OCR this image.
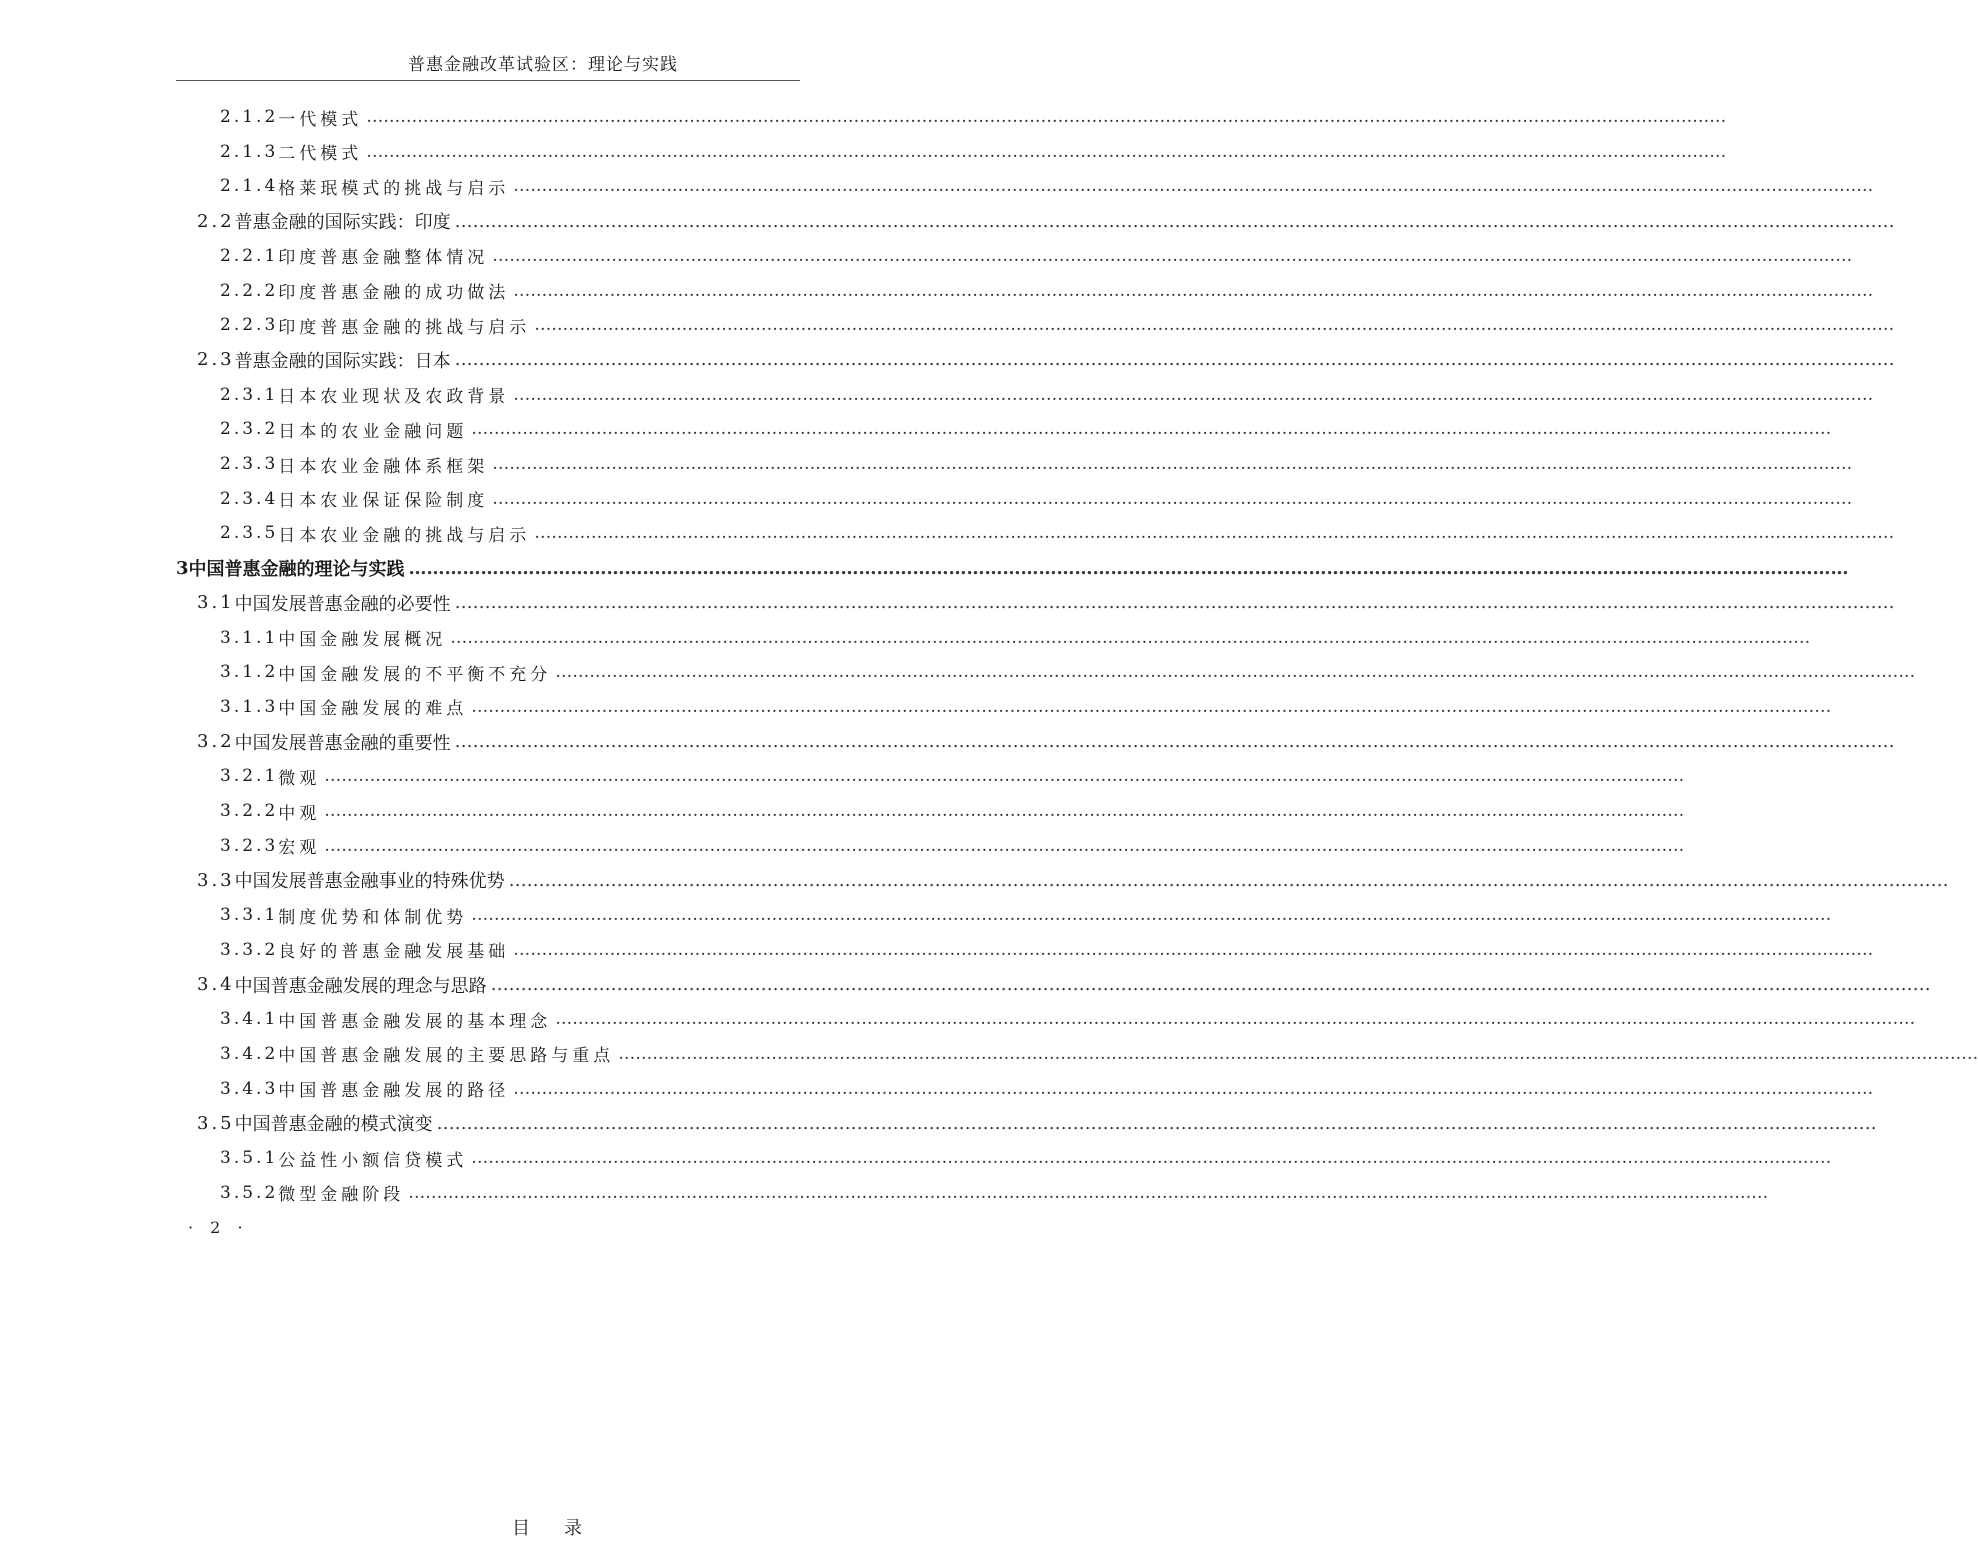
普惠金融改革试验区：理论与实践
2.1.2 一代模式 ……………………………………………………………………………………………………………………………………………………………………………………………………………………
2.1.3 二代模式 ……………………………………………………………………………………………………………………………………………………………………………………………………………………
2.1.4 格莱珉模式的挑战与启示 ……………………………………………………………………………………………………………………………………………………………………………………………………………………
2.2 普惠金融的国际实践：印度 ……………………………………………………………………………………………………………………………………………………………………………………………………………………
2.2.1 印度普惠金融整体情况 ……………………………………………………………………………………………………………………………………………………………………………………………………………………
2.2.2 印度普惠金融的成功做法 ……………………………………………………………………………………………………………………………………………………………………………………………………………………
2.2.3 印度普惠金融的挑战与启示 ……………………………………………………………………………………………………………………………………………………………………………………………………………………
2.3 普惠金融的国际实践：日本 ……………………………………………………………………………………………………………………………………………………………………………………………………………………
2.3.1 日本农业现状及农政背景 ……………………………………………………………………………………………………………………………………………………………………………………………………………………
2.3.2 日本的农业金融问题 ……………………………………………………………………………………………………………………………………………………………………………………………………………………
2.3.3 日本农业金融体系框架 ……………………………………………………………………………………………………………………………………………………………………………………………………………………
2.3.4 日本农业保证保险制度 ……………………………………………………………………………………………………………………………………………………………………………………………………………………
2.3.5 日本农业金融的挑战与启示 ……………………………………………………………………………………………………………………………………………………………………………………………………………………
3 中国普惠金融的理论与实践 ……………………………………………………………………………………………………………………………………………………………………………………………………………………
3.1 中国发展普惠金融的必要性 ……………………………………………………………………………………………………………………………………………………………………………………………………………………
3.1.1 中国金融发展概况 ……………………………………………………………………………………………………………………………………………………………………………………………………………………
3.1.2 中国金融发展的不平衡不充分 ……………………………………………………………………………………………………………………………………………………………………………………………………………………
3.1.3 中国金融发展的难点 ……………………………………………………………………………………………………………………………………………………………………………………………………………………
3.2 中国发展普惠金融的重要性 ……………………………………………………………………………………………………………………………………………………………………………………………………………………
3.2.1 微观 ……………………………………………………………………………………………………………………………………………………………………………………………………………………
3.2.2 中观 ……………………………………………………………………………………………………………………………………………………………………………………………………………………
3.2.3 宏观 ……………………………………………………………………………………………………………………………………………………………………………………………………………………
3.3 中国发展普惠金融事业的特殊优势 ……………………………………………………………………………………………………………………………………………………………………………………………………………………
3.3.1 制度优势和体制优势 ……………………………………………………………………………………………………………………………………………………………………………………………………………………
3.3.2 良好的普惠金融发展基础 ……………………………………………………………………………………………………………………………………………………………………………………………………………………
3.4 中国普惠金融发展的理念与思路 ……………………………………………………………………………………………………………………………………………………………………………………………………………………
3.4.1 中国普惠金融发展的基本理念 ……………………………………………………………………………………………………………………………………………………………………………………………………………………
3.4.2 中国普惠金融发展的主要思路与重点 ……………………………………………………………………………………………………………………………………………………………………………………………………………………
3.4.3 中国普惠金融发展的路径 ……………………………………………………………………………………………………………………………………………………………………………………………………………………
3.5 中国普惠金融的模式演变 ……………………………………………………………………………………………………………………………………………………………………………………………………………………
3.5.1 公益性小额信贷模式 ……………………………………………………………………………………………………………………………………………………………………………………………………………………
3.5.2 微型金融阶段 ……………………………………………………………………………………………………………………………………………………………………………………………………………………
· 2 ·
目录
